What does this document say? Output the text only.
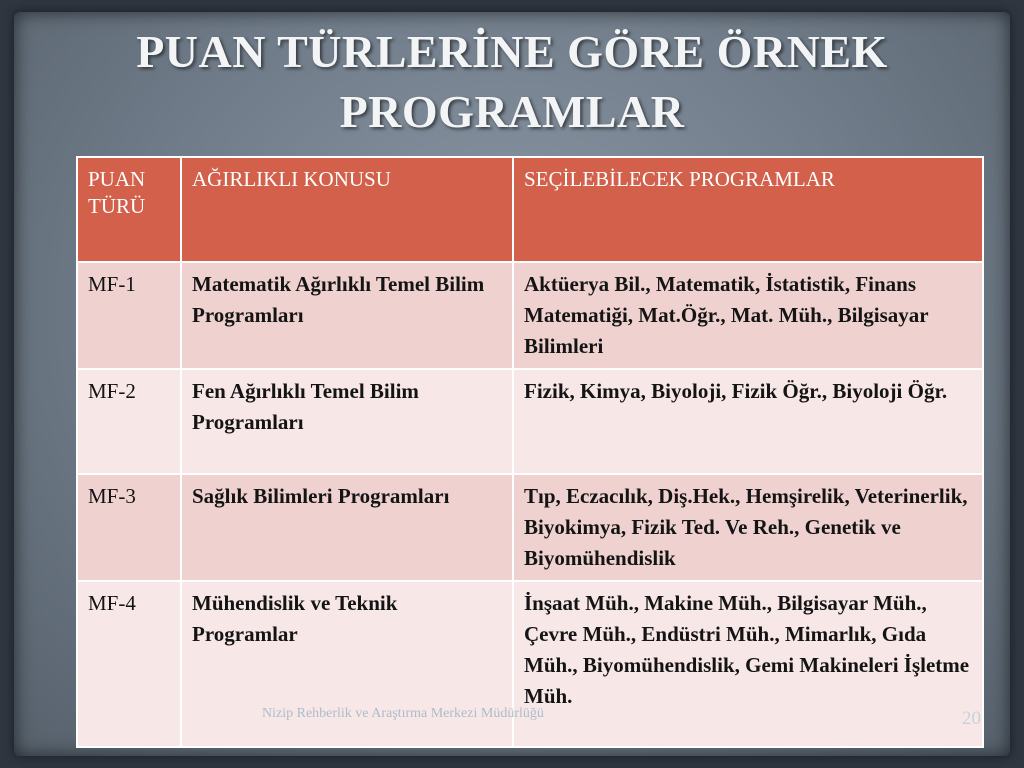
PUAN TÜRLERİNE GÖRE ÖRNEK
PROGRAMLAR
PUAN TÜRÜ	AĞIRLIKLI KONUSU	SEÇİLEBİLECEK PROGRAMLAR
MF-1	Matematik Ağırlıklı Temel Bilim Programları	Aktüerya Bil., Matematik, İstatistik, Finans Matematiği, Mat.Öğr., Mat. Müh., Bilgisayar Bilimleri
MF-2	Fen Ağırlıklı Temel Bilim Programları	Fizik, Kimya, Biyoloji, Fizik Öğr., Biyoloji Öğr.
MF-3	Sağlık Bilimleri Programları	Tıp, Eczacılık, Diş.Hek., Hemşirelik, Veterinerlik, Biyokimya, Fizik Ted. Ve Reh., Genetik ve Biyomühendislik
MF-4	Mühendislik ve Teknik Programlar	İnşaat Müh., Makine Müh., Bilgisayar Müh., Çevre Müh., Endüstri Müh., Mimarlık, Gıda Müh., Biyomühendislik, Gemi Makineleri İşletme Müh.
Nizip Rehberlik ve Araştırma Merkezi Müdürlüğü	20
